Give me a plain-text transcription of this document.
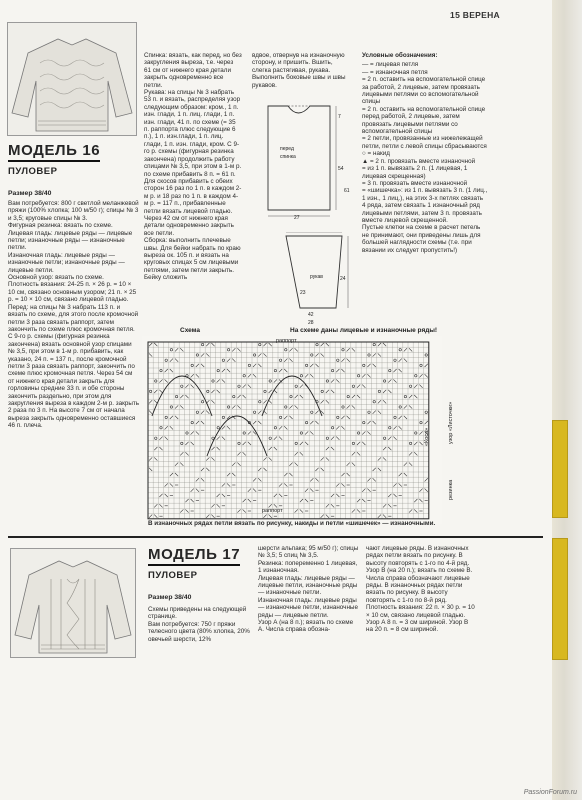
15 ВЕРЕНА
МОДЕЛЬ 16
ПУЛОВЕР
Размер 38/40

Вам потребуется: 800 г светлой меланжевой пряжи (100% хлопка; 100 м/50 г); спицы № 3 и 3,5; круговые спицы № 3.

Фигурная резинка: вязать по схеме.

Лицевая гладь: лицевые ряды — лицевые петли; изнаночные ряды — изнаночные петли.

Изнаночная гладь: лицевые ряды — изнаночные петли; изнаночные ряды — лицевые петли.

Основной узор: вязать по схеме.

Плотность вязания: 24-25 п. × 26 р. = 10 × 10 см, связано основным узором; 21 п. × 25 р. = 10 × 10 см, связано лицевой гладью.

Перед: на спицы № 3 набрать 113 п. и вязать по схеме, для этого после кромочной петли 3 раза связать раппорт, затем закончить по схеме плюс кромочная петля. С 9-го р. схемы (фигурная резинка закончена) вязать основной узор спицами № 3,5, при этом в 1-м р. прибавить, как указано, 24 п. = 137 п., после кромочной петли 3 раза связать раппорт, закончить по схеме плюс кромочная петля. Через 54 см от нижнего края детали закрыть для горловины средние 33 п. и обе стороны закончить раздельно, при этом для закругления выреза в каждом 2-м р. закрыть 2 раза по 3 п. На высоте 7 см от начала выреза закрыть одновременно оставшиеся 46 п. плеча.

Спинка: вязать, как перед, но без закругления выреза, т.е. через 61 см от нижнего края детали закрыть одновременно все петли.

Рукава: на спицы № 3 набрать 53 п. и вязать, распределяя узор следующим образом: кром., 1 п. изн. глади, 1 п. лиц. глади, 1 п. изн. глади, 41 п. по схеме (= 35 п. раппорта плюс следующие 6 п.), 1 п. изн.глади, 1 п. лиц. глади, 1 п. изн. глади, кром. С 9-го р. схемы (фигурная резинка закончена) продолжить работу спицами № 3,5, при этом в 1-м р. по схеме прибавить 8 п. = 61 п. Для скосов прибавить с обеих сторон 16 раз по 1 п. в каждом 2-м р. и 18 раз по 1 п. в каждом 4-м р. = 117 п., прибавленные петли вязать лицевой гладью. Через 42 см от нижнего края детали одновременно закрыть все петли.

Сборка: выполнить плечевые швы. Для бейки набрать по краю выреза ок. 105 п. и вязать на круговых спицах 5 см лицевыми петлями, затем петли закрыть. Бейку сложить

вдвое, отвернув на изнаночную сторону, и пришить. Вшить, слегка растягивая, рукава. Выполнить боковые швы и швы рукавов.

перед
спинка
7
54
61
27
рукав
42
24
28
23

Условные обозначения:

— = лицевая петля

— = изнаночная петля

= 2 п. оставить на вспомогательной спице за работой, 2 лицевые, затем провязать лицевыми петлями со вспомогательной спицы

= 2 п. оставить на вспомогательной спице перед работой, 2 лицевые, затем провязать лицевыми петлями со вспомогательной спицы

= 2 петли, провязанные из нижележащей петли, петли с левой спицы сбрасываются

○ = накид

▲ = 2 п. провязать вместе изнаночной

= из 1 п. вывязать 2 п. (1 лицевая, 1 лицевая скрещенная)

= 3 п. провязать вместе изнаночной

= «шишечка»: из 1 п. вывязать 3 п. (1 лиц., 1 изн., 1 лиц.), на этих 3-х петлях связать 4 ряда, затем связать 1 изнаночный ряд лицевыми петлями, затем 3 п. провязать вместе лицевой скрещенной.

Пустые клетки на схеме в расчет петель не принимают, они приведены лишь для большей наглядности схемы (т.е. при вязании их следует пропустить!)

Схема	На схеме даны лицевые и изнаночные ряды!
раппорт
раппорт
«Коса»	узор «Листочки»
резинка
В изнаночных рядах петли вязать по рисунку, накиды и петли «шишечек» — изнаночными.
МОДЕЛЬ 17
ПУЛОВЕР
Размер 38/40

Схемы приведены на следующей странице.

Вам потребуется: 750 г пряжи телесного цвета (80% хлопка, 20% овечьей шерсти, 12%

шерсти альпака; 95 м/50 г); спицы № 3,5; 5 спиц № 3,5.

Резинка: попеременно 1 лицевая, 1 изнаночная.

Лицевая гладь: лицевые ряды — лицевые петли, изнаночные ряды — изнаночные петли.

Изнаночная гладь: лицевые ряды — изнаночные петли, изнаночные ряды — лицевые петли.

Узор А (на 8 п.); вязать по схеме А. Числа справа обозна-

чают лицевые ряды. В изнаночных рядах петли вязать по рисунку. В высоту повторять с 1-го по 4-й ряд.

Узор В (на 20 п.); вязать по схеме В. Числа справа обозначают лицевые ряды. В изнаночных рядах петли вязать по рисунку. В высоту повторять с 1-го по 8-й ряд.

Плотность вязания: 22 п. × 30 р. = 10 × 10 см, связано лицевой гладью. Узор А 8 п. = 3 см шириной. Узор В на 20 п. = 8 см шириной.

PassionForum.ru
